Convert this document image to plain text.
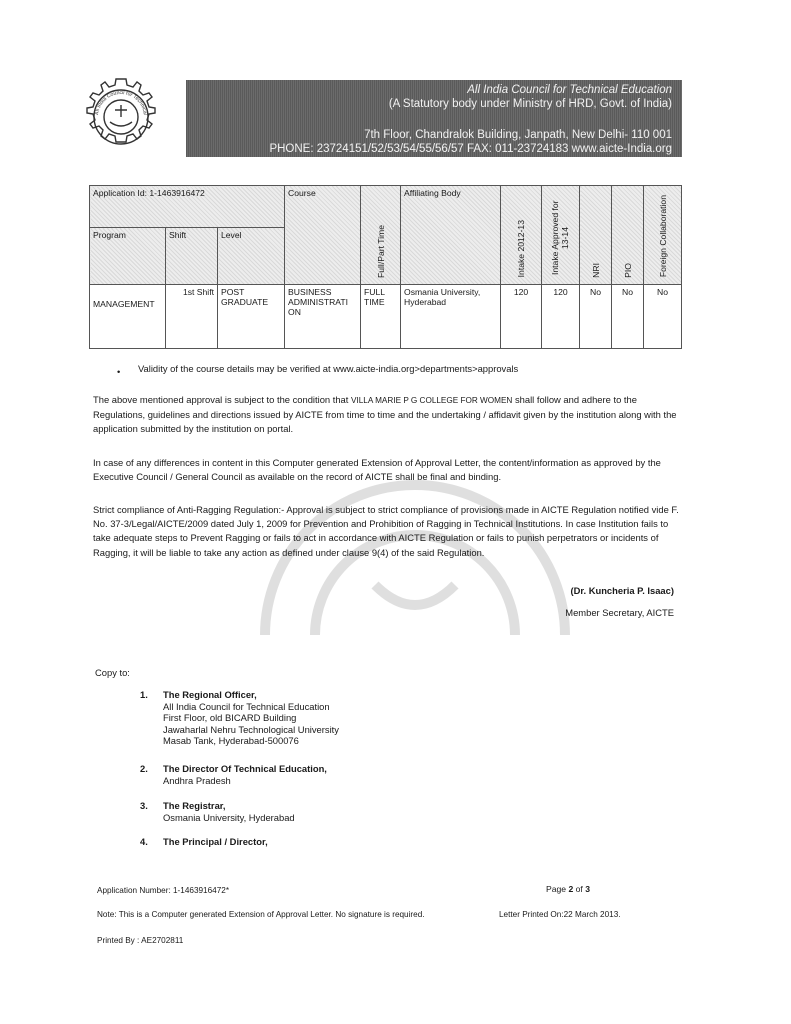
All India Council for Technical
All India Council for Technical Education
(A Statutory body under Ministry of HRD, Govt. of India)
7th Floor, Chandralok Building, Janpath, New Delhi- 110 001
PHONE: 23724151/52/53/54/55/56/57 FAX: 011-23724183 www.aicte-India.org
Application Id: 1-1463916472			Course	Full/Part Time	Affiliating Body	Intake 2012-13	Intake Approved for 13-14	NRI	PIO	Foreign Collaboration
Program	Shift	Level								
MANAGEMENT	1st Shift	POST GRADUATE	BUSINESS ADMINISTRATI ON	FULL TIME	Osmania University, Hyderabad	120	120	No	No	No
• Validity of the course details may be verified at www.aicte-india.org>departments>approvals
The above mentioned approval is subject to the condition that VILLA MARIE P G COLLEGE FOR WOMEN shall follow and adhere to the Regulations, guidelines and directions issued by AICTE from time to time and the undertaking / affidavit given by the institution along with the application submitted by the institution on portal.
In case of any differences in content in this Computer generated Extension of Approval Letter, the content/information as approved by the Executive Council / General Council as available on the record of AICTE shall be final and binding.
Strict compliance of Anti-Ragging Regulation:- Approval is subject to strict compliance of provisions made in AICTE Regulation notified vide F. No. 37-3/Legal/AICTE/2009 dated July 1, 2009 for Prevention and Prohibition of Ragging in Technical Institutions. In case Institution fails to take adequate steps to Prevent Ragging or fails to act in accordance with AICTE Regulation or fails to punish perpetrators or incidents of Ragging, it will be liable to take any action as defined under clause 9(4) of the said Regulation.
(Dr. Kuncheria P. Isaac)
Member Secretary, AICTE
Copy to:
1. The Regional Officer,
All India Council for Technical Education
First Floor, old BICARD Building
Jawaharlal Nehru Technological University
Masab Tank, Hyderabad-500076
2. The Director Of Technical Education,
Andhra Pradesh
3. The Registrar,
Osmania University, Hyderabad
4. The Principal / Director,
Application Number: 1-1463916472*	Page 2 of 3
Note: This is a Computer generated Extension of Approval Letter. No signature is required.	Letter Printed On:22 March 2013.
Printed By : AE2702811
